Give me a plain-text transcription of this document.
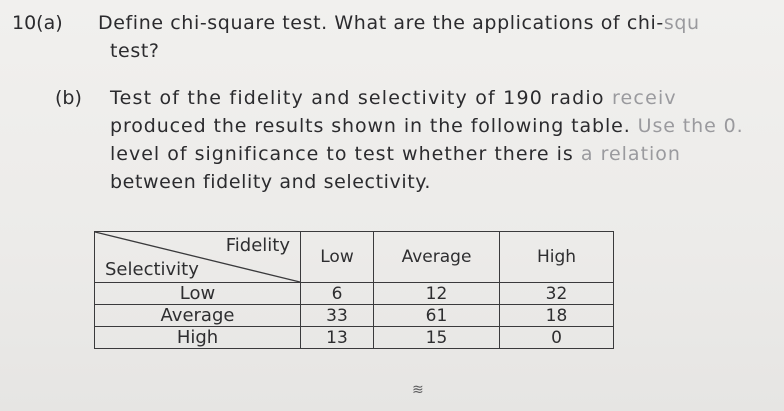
10(a) Define chi-square test. What are the applications of chi-squ
test?
(b) Test of the fidelity and selectivity of 190 radio receiv
produced the results shown in the following table. Use the 0.
level of significance to test whether there is a relation
between fidelity and selectivity.
Fidelity
Selectivity	Low	Average	High
Low	6	12	32
Average	33	61	18
High	13	15	0
≋
